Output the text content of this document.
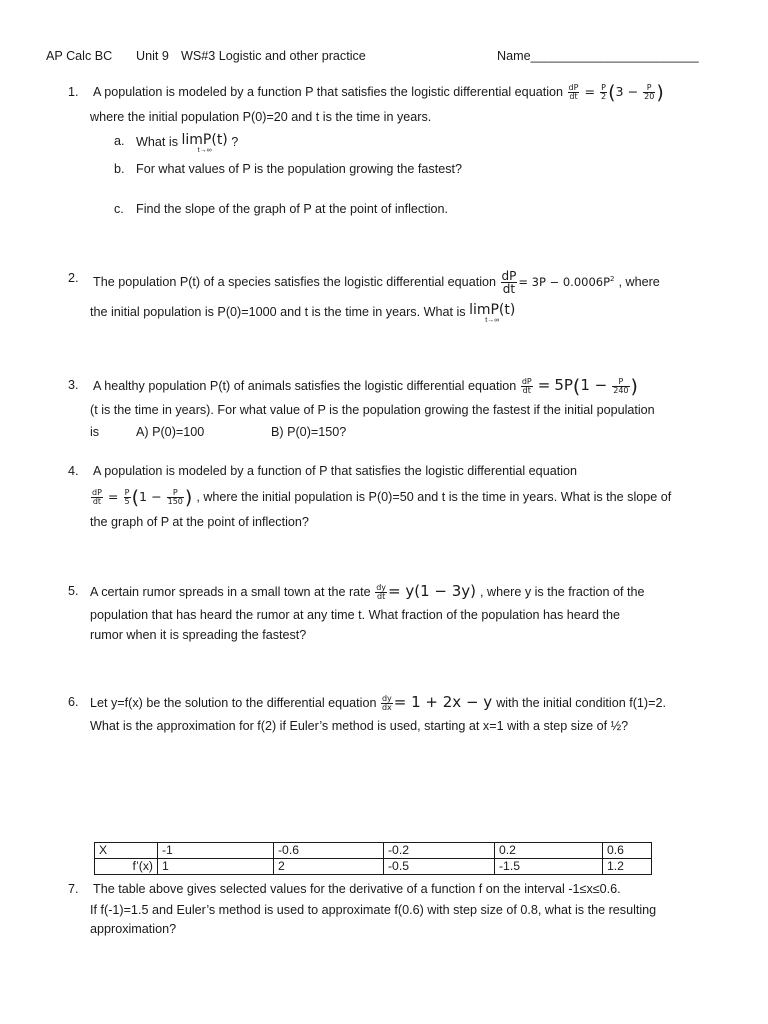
AP Calc BC Unit 9 WS#3 Logistic and other practice	Name________________________
1. A population is modeled by a function P that satisfies the logistic differential equation $\frac{dP}{dt} = \frac{P}{2} (3 - \frac{P}{20}$ )
where the initial population P(0)=20 and t is the time in years.
a. What is limP(t)
t→∞
?
b. For what values of P is the population growing the fastest?
c. Find the slope of the graph of P at the point of inflection.
2. The population P(t) of a species satisfies the logistic differential equation $\frac{dP}{dt} = 3P - 0.0006P^2$ , where
the initial population is P(0)=1000 and t is the time in years. What is limP(t)
t→∞
3. A healthy population P(t) of animals satisfies the logistic differential equation $\frac{dP}{dt} = 5P(1 - \frac{P}{240}$ )
(t is the time in years). For what value of P is the population growing the fastest if the initial population
is	A) P(0)=100	B) P(0)=150?
4. A population is modeled by a function of P that satisfies the logistic differential equation
$\frac{dP}{dt} = \frac{P}{5} (1 - \frac{P}{150}$ ) , where the initial population is P(0)=50 and t is the time in years. What is the slope of
the graph of P at the point of inflection?
5. A certain rumor spreads in a small town at the rate $\frac{dy}{dt} = y(1 - 3y)$ , where y is the fraction of the
population that has heard the rumor at any time t. What fraction of the population has heard the
rumor when it is spreading the fastest?
6. Let y=f(x) be the solution to the differential equation $\frac{dy}{dx} = 1 + 2x - y$ with the initial condition f(1)=2.
What is the approximation for f(2) if Euler’s method is used, starting at x=1 with a step size of ½?
X	-1	-0.6	-0.2	0.2	0.6
f’(x)	1	2	-0.5	-1.5	1.2
7. The table above gives selected values for the derivative of a function f on the interval -1≤x≤0.6.
If f(-1)=1.5 and Euler’s method is used to approximate f(0.6) with step size of 0.8, what is the resulting
approximation?
